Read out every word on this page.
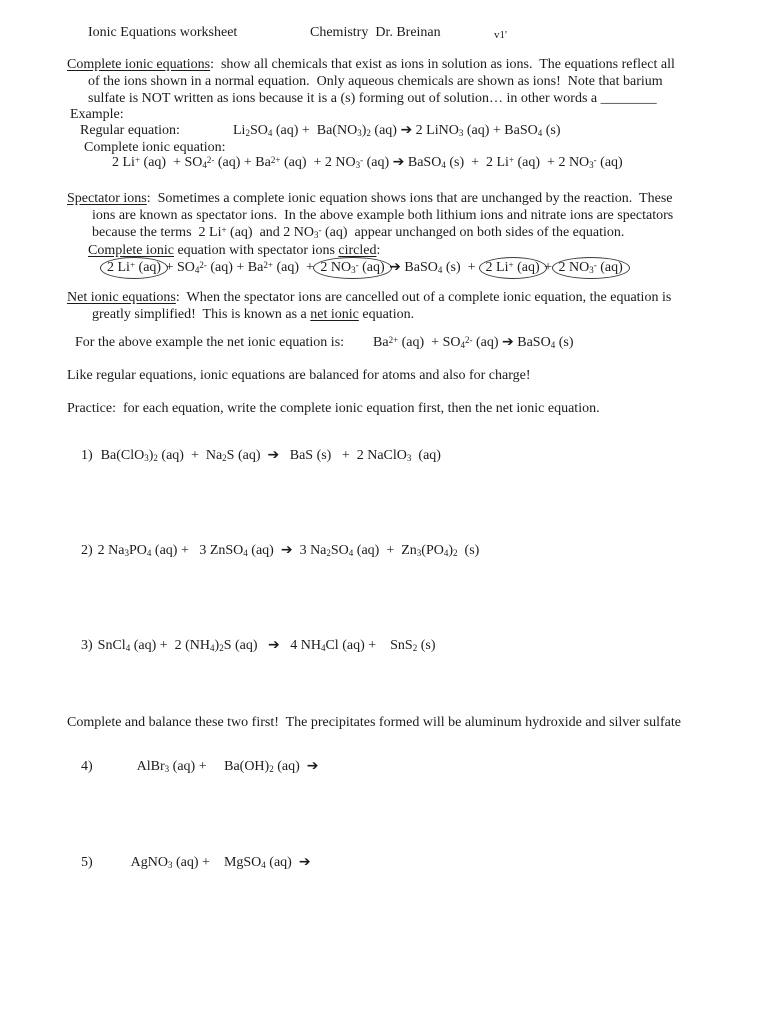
Ionic Equations worksheet	Chemistry  Dr. Breinan	v1'
Complete ionic equations:  show all chemicals that exist as ions in solution as ions.  The equations reflect all
of the ions shown in a normal equation.  Only aqueous chemicals are shown as ions!  Note that barium
sulfate is NOT written as ions because it is a (s) forming out of solution… in other words a ________
Example:
Regular equation:	$Li_2SO_4$ $(aq) + Ba(NO_3)_2$ (aq) ➔ 2 LiNO$_3$ (aq) + BaSO$_4$ (s)
Complete ionic equation:
2 Li+ $(aq) + SO_4^{2-}$ $(aq) + Ba^{2+}$ (aq)  + 2 $NO_3^-$ (aq) ➔ BaSO$_4$ (s)  +  2 Li+ (aq)  + 2 $NO_3^-$ (aq)
Spectator ions:  Sometimes a complete ionic equation shows ions that are unchanged by the reaction.  These
ions are known as spectator ions.  In the above example both lithium ions and nitrate ions are spectators
because the terms  2 Li+ (aq)  and 2 $NO_3^-$ (aq)  appear unchanged on both sides of the equation.
Complete ionic equation with spectator ions circled:
2 Li+ $(aq) + SO_4^{2-}$ $(aq) + Ba^{2+}$ (aq)  + 2 $NO_3^-$ (aq) ➔ BaSO$_4$ (s)  +  2 Li+ (aq) + 2 $NO_3^-$ (aq)
Net ionic equations:  When the spectator ions are cancelled out of a complete ionic equation, the equation is
greatly simplified!  This is known as a net ionic equation.
For the above example the net ionic equation is: $Ba^{2+}$ $(aq) + SO_4^{2-}$ (aq) ➔ BaSO$_4$ (s)
Like regular equations, ionic equations are balanced for atoms and also for charge!
Practice:  for each equation, write the complete ionic equation first, then the net ionic equation.

1) $Ba(ClO_3)_2$ $(aq) + Na_2S$ (aq)  ➔   BaS (s)   +  2 NaClO$_3$  (aq)

2) 2 $Na_3PO_4$ (aq) +   3 ZnSO$_4$ (aq)  ➔  3 $Na_2SO_4$ $(aq) + Zn_3(PO_4)_2$  (s)

3) SnCl$_4$ (aq) +  2 $(NH_4)_2S$ (aq)   ➔   4 $NH_4Cl$ (aq) +    SnS$_2$ (s)

Complete and balance these two first!  The precipitates formed will be aluminum hydroxide and silver sulfate

4)	AlBr$_3$ (aq) +     $Ba(OH)_2$ (aq)  ➔

5)	AgNO$_3$ (aq) +    MgSO$_4$ (aq)  ➔
